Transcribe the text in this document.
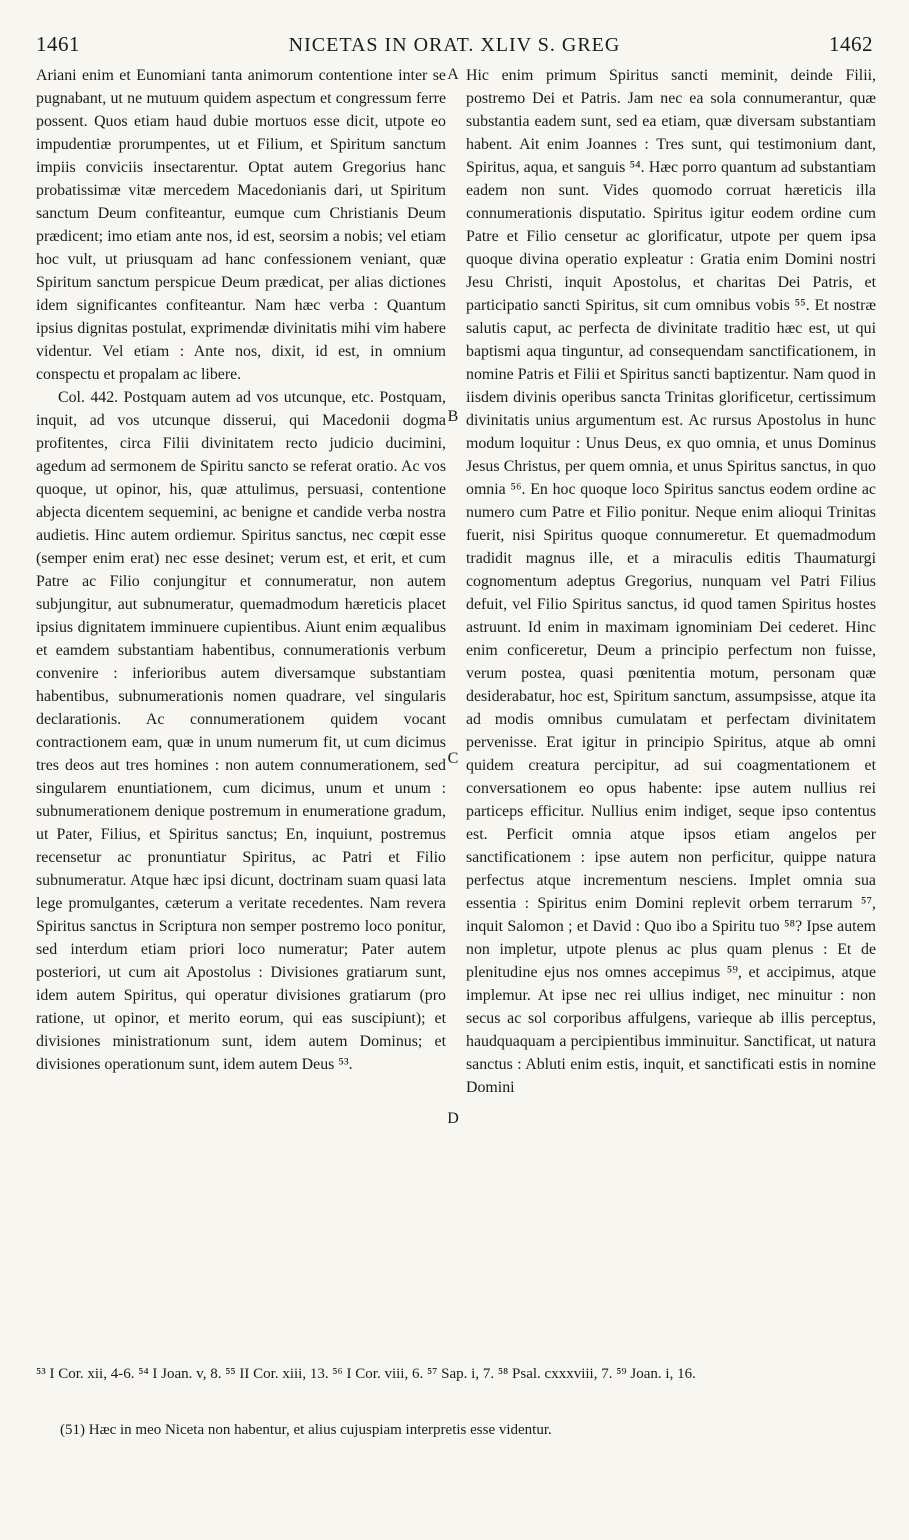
1461	NICETAS IN ORAT. XLIV S. GREG	1462

Ariani enim et Eunomiani tanta animorum contentione inter se pugnabant, ut ne mutuum quidem aspectum et congressum ferre possent. Quos etiam haud dubie mortuos esse dicit, utpote eo impudentiæ prorumpentes, ut et Filium, et Spiritum sanctum impiis conviciis insectarentur. Optat autem Gregorius hanc probatissimæ vitæ mercedem Macedonianis dari, ut Spiritum sanctum Deum confiteantur, eumque cum Christianis Deum prædicent; imo etiam ante nos, id est, seorsim a nobis; vel etiam hoc vult, ut priusquam ad hanc confessionem veniant, quæ Spiritum sanctum perspicue Deum prædicat, per alias dictiones idem significantes confiteantur. Nam hæc verba : Quantum ipsius dignitas postulat, exprimendæ divinitatis mihi vim habere videntur. Vel etiam : Ante nos, dixit, id est, in omnium conspectu et propalam ac libere.

Col. 442. Postquam autem ad vos utcunque, etc. Postquam, inquit, ad vos utcunque disserui, qui Macedonii dogma profitentes, circa Filii divinitatem recto judicio ducimini, agedum ad sermonem de Spiritu sancto se referat oratio. Ac vos quoque, ut opinor, his, quæ attulimus, persuasi, contentione abjecta dicentem sequemini, ac benigne et candide verba nostra audietis. Hinc autem ordiemur. Spiritus sanctus, nec cœpit esse (semper enim erat) nec esse desinet; verum est, et erit, et cum Patre ac Filio conjungitur et connumeratur, non autem subjungitur, aut subnumeratur, quemadmodum hæreticis placet ipsius dignitatem imminuere cupientibus. Aiunt enim æqualibus et eamdem substantiam habentibus, connumerationis verbum convenire : inferioribus autem diversamque substantiam habentibus, subnumerationis nomen quadrare, vel singularis declarationis. Ac connumerationem quidem vocant contractionem eam, quæ in unum numerum fit, ut cum dicimus tres deos aut tres homines : non autem connumerationem, sed singularem enuntiationem, cum dicimus, unum et unum : subnumerationem denique postremum in enumeratione gradum, ut Pater, Filius, et Spiritus sanctus; En, inquiunt, postremus recensetur ac pronuntiatur Spiritus, ac Patri et Filio subnumeratur. Atque hæc ipsi dicunt, doctrinam suam quasi lata lege promulgantes, cæterum a veritate recedentes. Nam revera Spiritus sanctus in Scriptura non semper postremo loco ponitur, sed interdum etiam priori loco numeratur; Pater autem posteriori, ut cum ait Apostolus : Divisiones gratiarum sunt, idem autem Spiritus, qui operatur divisiones gratiarum (pro ratione, ut opinor, et merito eorum, qui eas suscipiunt); et divisiones ministrationum sunt, idem autem Dominus; et divisiones operationum sunt, idem autem Deus ⁵³.

Hic enim primum Spiritus sancti meminit, deinde Filii, postremo Dei et Patris. Jam nec ea sola connumerantur, quæ substantia eadem sunt, sed ea etiam, quæ diversam substantiam habent. Ait enim Joannes : Tres sunt, qui testimonium dant, Spiritus, aqua, et sanguis ⁵⁴. Hæc porro quantum ad substantiam eadem non sunt. Vides quomodo corruat hæreticis illa connumerationis disputatio. Spiritus igitur eodem ordine cum Patre et Filio censetur ac glorificatur, utpote per quem ipsa quoque divina operatio expleatur : Gratia enim Domini nostri Jesu Christi, inquit Apostolus, et charitas Dei Patris, et participatio sancti Spiritus, sit cum omnibus vobis ⁵⁵. Et nostræ salutis caput, ac perfecta de divinitate traditio hæc est, ut qui baptismi aqua tinguntur, ad consequendam sanctificationem, in nomine Patris et Filii et Spiritus sancti baptizentur. Nam quod in iisdem divinis operibus sancta Trinitas glorificetur, certissimum divinitatis unius argumentum est. Ac rursus Apostolus in hunc modum loquitur : Unus Deus, ex quo omnia, et unus Dominus Jesus Christus, per quem omnia, et unus Spiritus sanctus, in quo omnia ⁵⁶. En hoc quoque loco Spiritus sanctus eodem ordine ac numero cum Patre et Filio ponitur. Neque enim alioqui Trinitas fuerit, nisi Spiritus quoque connumeretur. Et quemadmodum tradidit magnus ille, et a miraculis editis Thaumaturgi cognomentum adeptus Gregorius, nunquam vel Patri Filius defuit, vel Filio Spiritus sanctus, id quod tamen Spiritus hostes astruunt. Id enim in maximam ignominiam Dei cederet. Hinc enim conficeretur, Deum a principio perfectum non fuisse, verum postea, quasi pœnitentia motum, personam quæ desiderabatur, hoc est, Spiritum sanctum, assumpsisse, atque ita ad modis omnibus cumulatam et perfectam divinitatem pervenisse. Erat igitur in principio Spiritus, atque ab omni quidem creatura percipitur, ad sui coagmentationem et conversationem eo opus habente: ipse autem nullius rei particeps efficitur. Nullius enim indiget, seque ipso contentus est. Perficit omnia atque ipsos etiam angelos per sanctificationem : ipse autem non perficitur, quippe natura perfectus atque incrementum nesciens. Implet omnia sua essentia : Spiritus enim Domini replevit orbem terrarum ⁵⁷, inquit Salomon ; et David : Quo ibo a Spiritu tuo ⁵⁸? Ipse autem non impletur, utpote plenus ac plus quam plenus : Et de plenitudine ejus nos omnes accepimus ⁵⁹, et accipimus, atque implemur. At ipse nec rei ullius indiget, nec minuitur : non secus ac sol corporibus affulgens, varieque ab illis perceptus, haudquaquam a percipientibus imminuitur. Sanctificat, ut natura sanctus : Abluti enim estis, inquit, et sanctificati estis in nomine Domini

A
B
C
D
⁵³ I Cor. xii, 4-6. ⁵⁴ I Joan. v, 8. ⁵⁵ II Cor. xiii, 13. ⁵⁶ I Cor. viii, 6. ⁵⁷ Sap. i, 7. ⁵⁸ Psal. cxxxviii, 7. ⁵⁹ Joan. i, 16.
(51) Hæc in meo Niceta non habentur, et alius cujuspiam interpretis esse videntur.
